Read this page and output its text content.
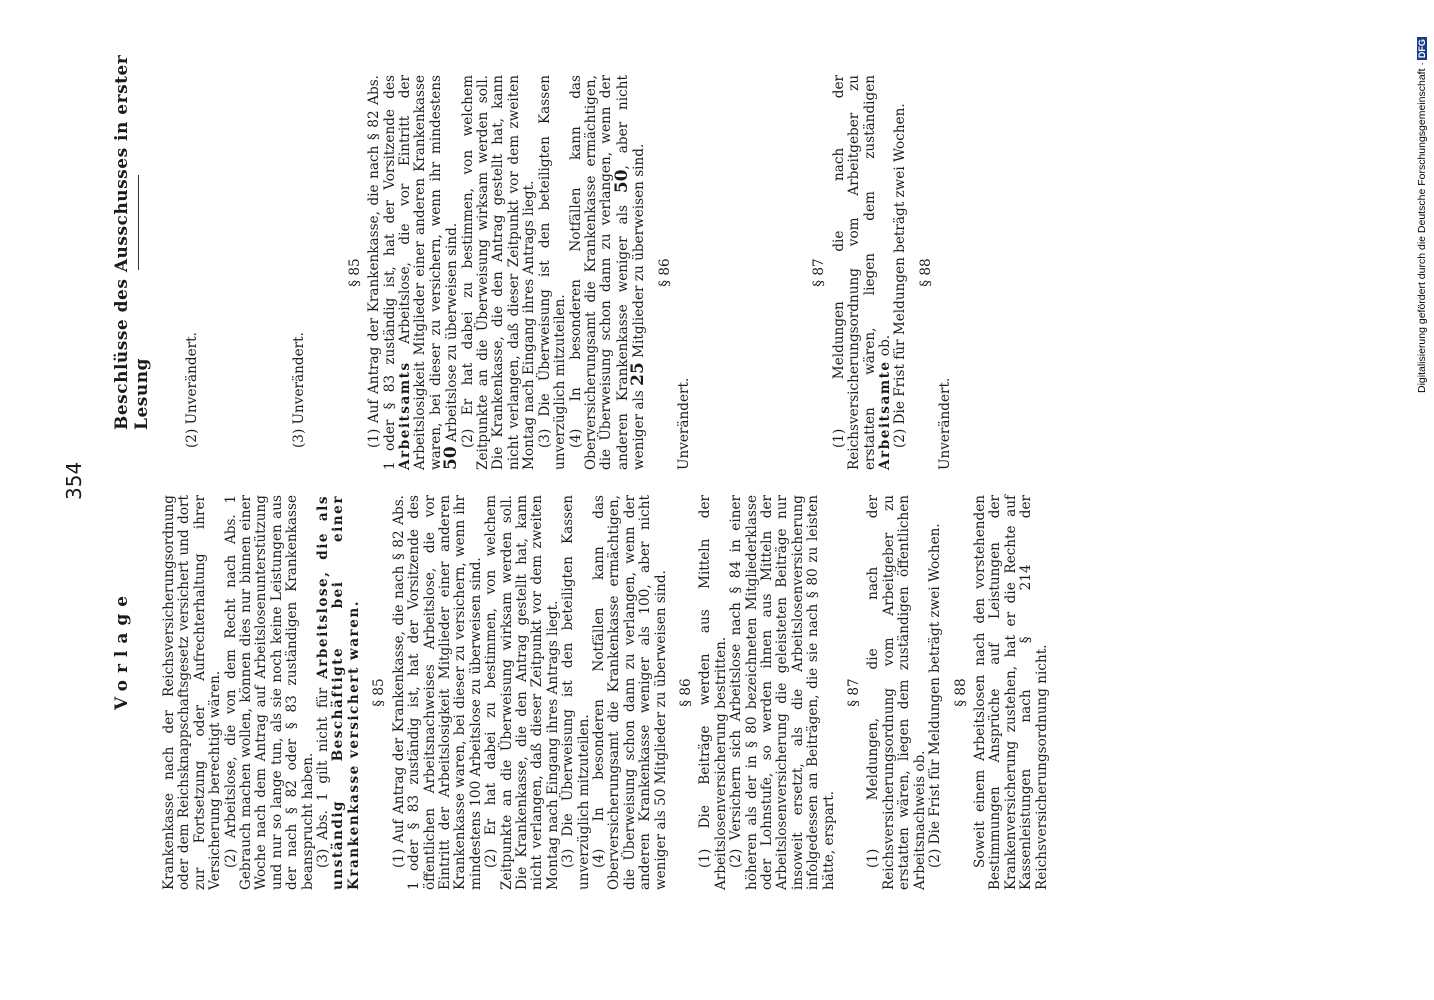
354
Vorlage
Beschlüsse des Ausschusses in erster Lesung

Krankenkasse nach der Reichsversicherungsordnung oder dem Reichsknappschaftsgesetz versichert und dort zur Fortsetzung oder Aufrechterhaltung ihrer Versicherung berechtigt wären. (2) Arbeitslose, die von dem Recht nach Abs. 1 Gebrauch machen wollen, können dies nur binnen einer Woche nach dem Antrag auf Arbeitslosenunterstützung und nur so lange tun, als sie noch keine Leistungen aus der nach § 82 oder § 83 zuständigen Krankenkasse beansprucht haben. (3) Abs. 1 gilt nicht für Arbeitslose, die als unständig Beschäftigte bei einer Krankenkasse versichert waren. § 85 (1) Auf Antrag der Krankenkasse, die nach § 82 Abs. 1 oder § 83 zuständig ist, hat der Vorsitzende des öffentlichen Arbeitsnachweises Arbeitslose, die vor Eintritt der Arbeitslosigkeit Mitglieder einer anderen Krankenkasse waren, bei dieser zu versichern, wenn ihr mindestens 100 Arbeitslose zu überweisen sind. (2) Er hat dabei zu bestimmen, von welchem Zeitpunkte an die Überweisung wirksam werden soll. Die Krankenkasse, die den Antrag gestellt hat, kann nicht verlangen, daß dieser Zeitpunkt vor dem zweiten Montag nach Eingang ihres Antrags liegt. (3) Die Überweisung ist den beteiligten Kassen unverzüglich mitzuteilen. (4) In besonderen Notfällen kann das Oberversicherungsamt die Krankenkasse ermächtigen, die Überweisung schon dann zu verlangen, wenn der anderen Krankenkasse weniger als 100, aber nicht weniger als 50 Mitglieder zu überweisen sind. § 86 (1) Die Beiträge werden aus Mitteln der Arbeitslosenversicherung bestritten. (2) Versichern sich Arbeitslose nach § 84 in einer höheren als der in § 80 bezeichneten Mitgliederklasse oder Lohnstufe, so werden ihnen aus Mitteln der Arbeitslosenversicherung die geleisteten Beiträge nur insoweit ersetzt, als die Arbeitslosenversicherung infolgedessen an Beiträgen, die sie nach § 80 zu leisten hätte, erspart.

§ 87 (1) Meldungen, die nach der Reichsversicherungsordnung vom Arbeitgeber zu erstatten wären, liegen dem zuständigen öffentlichen Arbeitsnachweis ob. (2) Die Frist für Meldungen beträgt zwei Wochen. § 88 Soweit einem Arbeitslosen nach den vorstehenden Bestimmungen Ansprüche auf Leistungen der Krankenversicherung zustehen, hat er die Rechte auf Kassenleistungen nach § 214 der Reichsversicherungsordnung nicht.

(2) Unverändert.	(3) Unverändert.

§ 85 (1) Auf Antrag der Krankenkasse, die nach § 82 Abs. 1 oder § 83 zuständig ist, hat der Vorsitzende des Arbeitsamts Arbeitslose, die vor Eintritt der Arbeitslosigkeit Mitglieder einer anderen Krankenkasse waren, bei dieser zu versichern, wenn ihr mindestens 50 Arbeitslose zu überweisen sind. (2) Er hat dabei zu bestimmen, von welchem Zeitpunkte an die Überweisung wirksam werden soll. Die Krankenkasse, die den Antrag gestellt hat, kann nicht verlangen, daß dieser Zeitpunkt vor dem zweiten Montag nach Eingang ihres Antrags liegt. (3) Die Überweisung ist den beteiligten Kassen unverzüglich mitzuteilen. (4) In besonderen Notfällen kann das Oberversicherungsamt die Krankenkasse ermächtigen, die Überweisung schon dann zu verlangen, wenn der anderen Krankenkasse weniger als 50, aber nicht weniger als 25 Mitglieder zu überweisen sind. § 86

Unverändert.

§ 87 (1) Meldungen die nach der Reichsversicherungsordnung vom Arbeitgeber zu erstatten wären, liegen dem zuständigen Arbeitsamte ob. (2) Die Frist für Meldungen beträgt zwei Wochen. § 88

Unverändert.

Digitalisierung gefördert durch die Deutsche Forschungsgemeinschaft ·DFG
